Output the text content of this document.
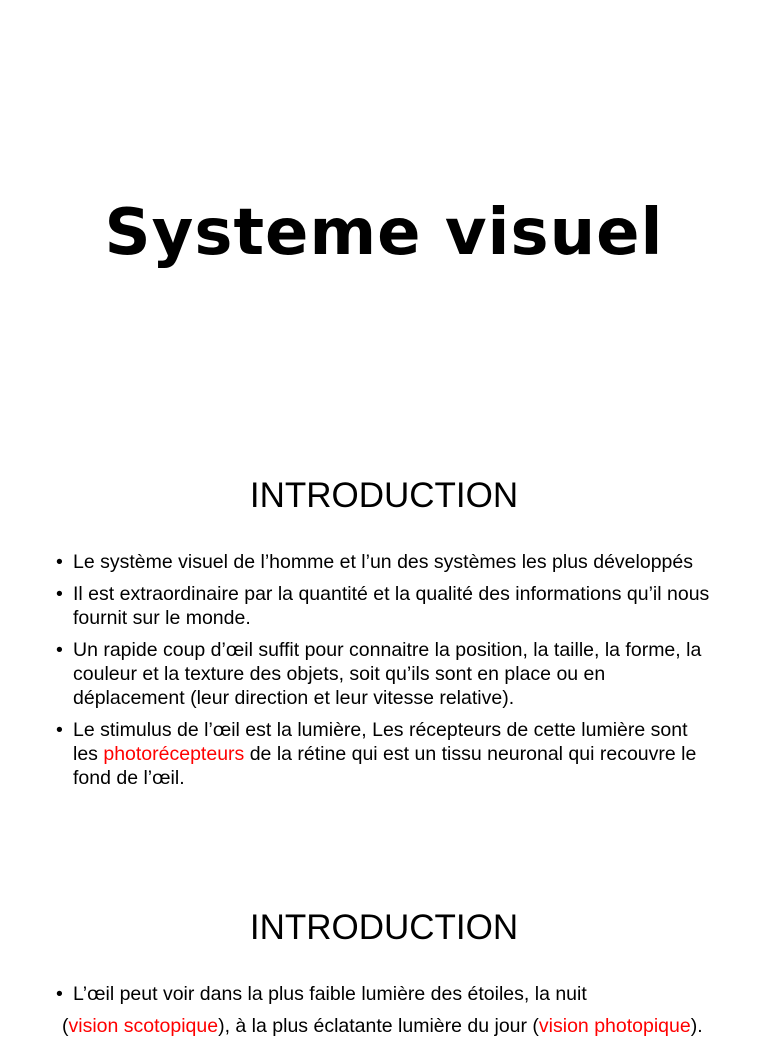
Systeme visuel
INTRODUCTION
• Le système visuel de l’homme et l’un des systèmes les plus développés
• Il est extraordinaire par la quantité et la qualité des informations qu’il nous fournit sur le monde.
• Un rapide coup d’œil suffit pour connaitre la position, la taille, la forme, la couleur et la texture des objets, soit qu’ils sont en place ou en déplacement (leur direction et leur vitesse relative).
• Le stimulus de l’œil est la lumière, Les récepteurs de cette lumière sont les photorécepteurs de la rétine qui est un tissu neuronal qui recouvre le fond de l’œil.
INTRODUCTION
• L’œil peut voir dans la plus faible lumière des étoiles, la nuit
(vision scotopique), à la plus éclatante lumière du jour (vision photopique).
